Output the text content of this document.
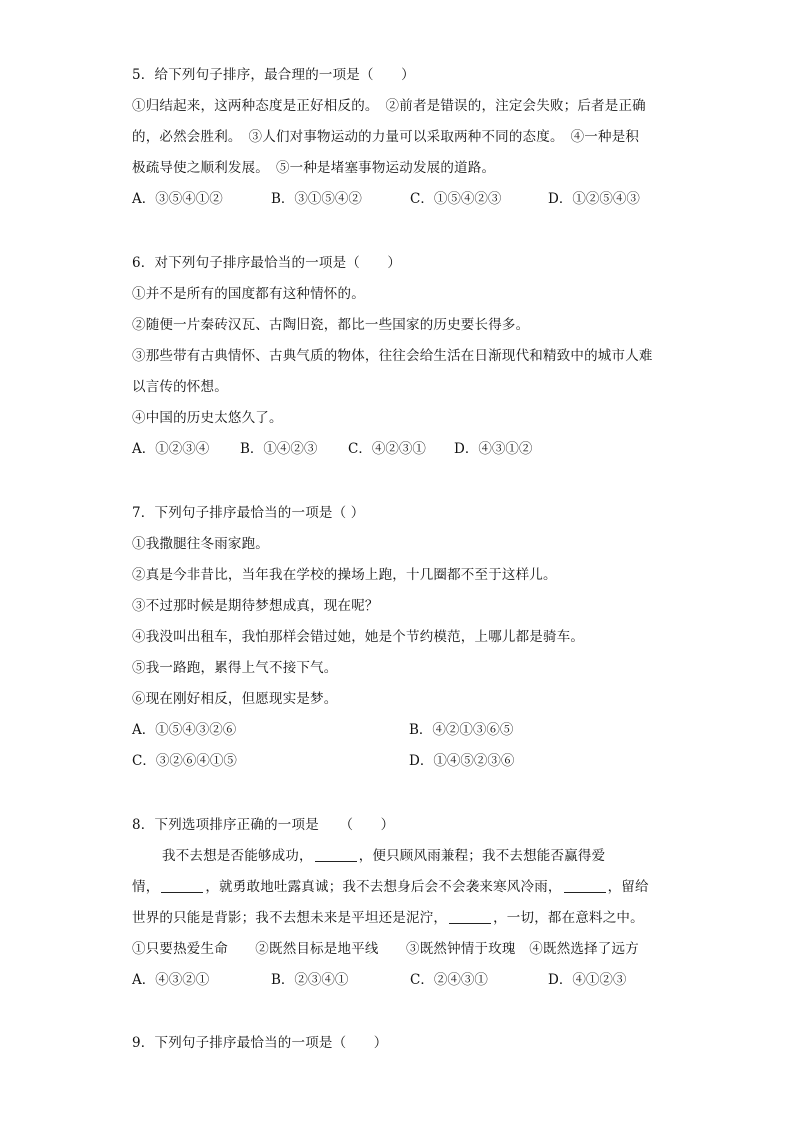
5．给下列句子排序，最合理的一项是（　　）
①归结起来，这两种态度是正好相反的。　②前者是错误的，注定会失败；后者是正确
的，必然会胜利。　③人们对事物运动的力量可以采取两种不同的态度。　④一种是积
极疏导使之顺利发展。　⑤一种是堵塞事物运动发展的道路。
A．③⑤④①②	B．③①⑤④②	C．①⑤④②③	D．①②⑤④③
6．对下列句子排序最恰当的一项是（　　）
①并不是所有的国度都有这种情怀的。
②随便一片秦砖汉瓦、古陶旧瓷，都比一些国家的历史要长得多。
③那些带有古典情怀、古典气质的物体，往往会给生活在日渐现代和精致中的城市人难
以言传的怀想。
④中国的历史太悠久了。
A．①②③④ B．①④②③ C．④②③① D．④③①②
7．下列句子排序最恰当的一项是（ ）
①我撒腿往冬雨家跑。
②真是今非昔比，当年我在学校的操场上跑，十几圈都不至于这样儿。
③不过那时候是期待梦想成真，现在呢？
④我没叫出租车，我怕那样会错过她，她是个节约模范，上哪儿都是骑车。
⑤我一路跑，累得上气不接下气。
⑥现在刚好相反，但愿现实是梦。
A．①⑤④③②⑥	B．④②①③⑥⑤
C．③②⑥④①⑤	D．①④⑤②③⑥
8．下列选项排序正确的一项是　　（　　）
我不去想是否能够成功，	，便只顾风雨兼程；我不去想能否赢得爱
情，	，就勇敢地吐露真诚；我不去想身后会不会袭来寒风冷雨，	，留给
世界的只能是背影；我不去想未来是平坦还是泥泞，	，一切，都在意料之中。
①只要热爱生命　　②既然目标是地平线　　③既然钟情于玫瑰　④既然选择了远方
A．④③②①	B．②③④①	C．②④③①	D．④①②③
9．下列句子排序最恰当的一项是（　　）
